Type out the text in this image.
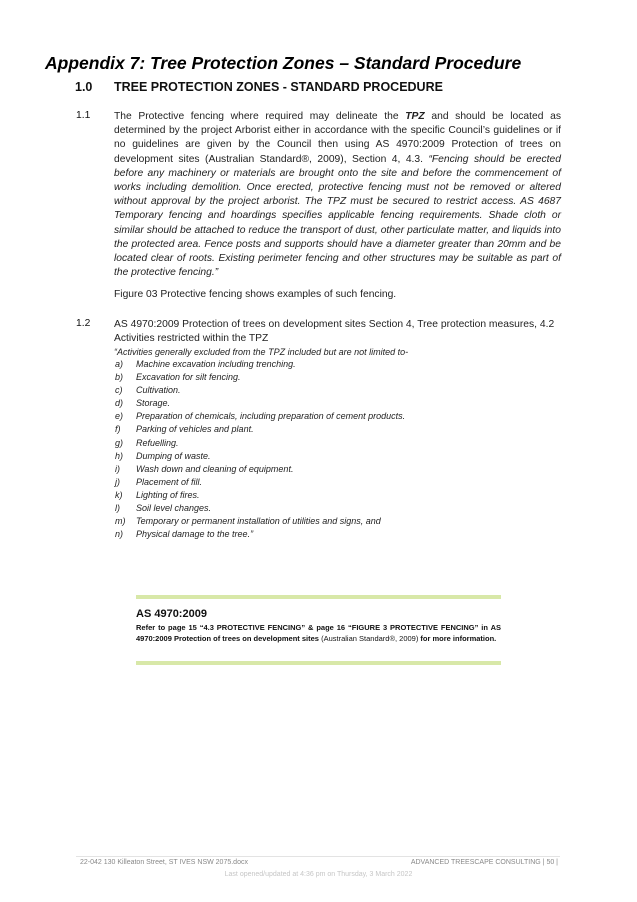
Appendix 7: Tree Protection Zones – Standard Procedure
1.0 TREE PROTECTION ZONES - STANDARD PROCEDURE
1.1 The Protective fencing where required may delineate the TPZ and should be located as determined by the project Arborist either in accordance with the specific Council’s guidelines or if no guidelines are given by the Council then using AS 4970:2009 Protection of trees on development sites (Australian Standard®, 2009), Section 4, 4.3. “Fencing should be erected before any machinery or materials are brought onto the site and before the commencement of works including demolition. Once erected, protective fencing must not be removed or altered without approval by the project arborist. The TPZ must be secured to restrict access. AS 4687 Temporary fencing and hoardings specifies applicable fencing requirements. Shade cloth or similar should be attached to reduce the transport of dust, other particulate matter, and liquids into the protected area. Fence posts and supports should have a diameter greater than 20mm and be located clear of roots. Existing perimeter fencing and other structures may be suitable as part of the protective fencing.”
Figure 03 Protective fencing shows examples of such fencing.
1.2 AS 4970:2009 Protection of trees on development sites Section 4, Tree protection measures, 4.2 Activities restricted within the TPZ
“Activities generally excluded from the TPZ included but are not limited to-
a) Machine excavation including trenching.
b) Excavation for silt fencing.
c) Cultivation.
d) Storage.
e) Preparation of chemicals, including preparation of cement products.
f) Parking of vehicles and plant.
g) Refuelling.
h) Dumping of waste.
i) Wash down and cleaning of equipment.
j) Placement of fill.
k) Lighting of fires.
l) Soil level changes.
m) Temporary or permanent installation of utilities and signs, and
n) Physical damage to the tree.”
AS 4970:2009
Refer to page 15 “4.3 PROTECTIVE FENCING” & page 16 “FIGURE 3 PROTECTIVE FENCING” in AS 4970:2009 Protection of trees on development sites (Australian Standard®, 2009) for more information.
22-042 130 Killeaton Street, ST IVES NSW 2075.docx	ADVANCED TREESCAPE CONSULTING | 50 |
Last opened/updated at 4:36 pm on Thursday, 3 March 2022
